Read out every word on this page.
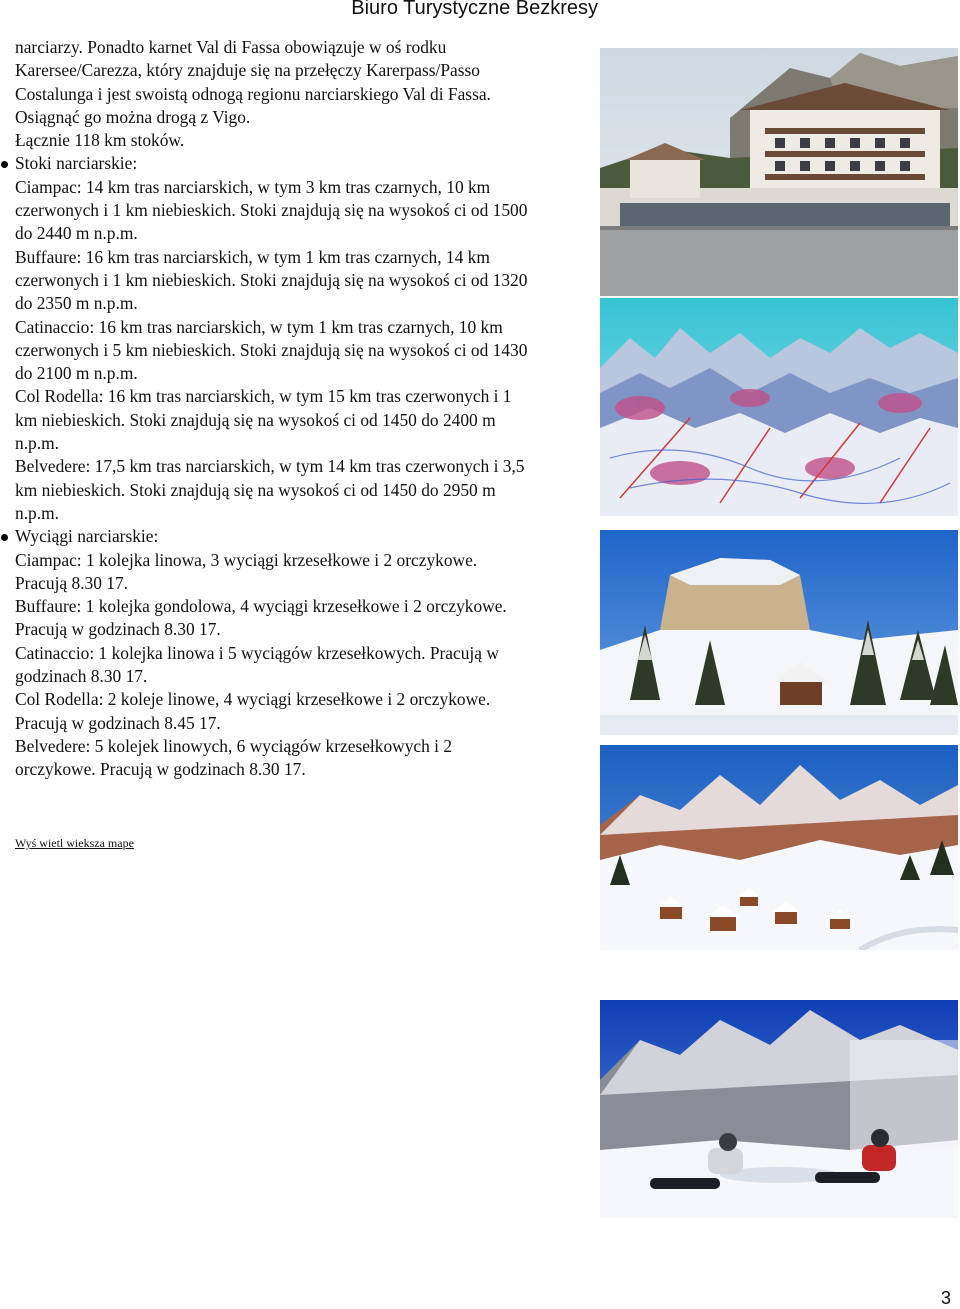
Biuro Turystyczne Bezkresy
narciarzy. Ponadto karnet Val di Fassa obowiązuje w oś rodku
Karersee/Carezza, który znajduje się na przełęczy Karerpass/Passo
Costalunga i jest swoistą odnogą regionu narciarskiego Val di Fassa.
Osiągnąć go można drogą z Vigo.
Łącznie 118 km stoków.
Stoki narciarskie:
Ciampac: 14 km tras narciarskich, w tym 3 km tras czarnych, 10 km
czerwonych i 1 km niebieskich. Stoki znajdują się na wysokoś ci od 1500
do 2440 m n.p.m.
Buffaure: 16 km tras narciarskich, w tym 1 km tras czarnych, 14 km
czerwonych i 1 km niebieskich. Stoki znajdują się na wysokoś ci od 1320
do 2350 m n.p.m.
Catinaccio: 16 km tras narciarskich, w tym 1 km tras czarnych, 10 km
czerwonych i 5 km niebieskich. Stoki znajdują się na wysokoś ci od 1430
do 2100 m n.p.m.
Col Rodella: 16 km tras narciarskich, w tym 15 km tras czerwonych i 1
km niebieskich. Stoki znajdują się na wysokoś ci od 1450 do 2400 m
n.p.m.
Belvedere: 17,5 km tras narciarskich, w tym 14 km tras czerwonych i 3,5
km niebieskich. Stoki znajdują się na wysokoś ci od 1450 do 2950 m
n.p.m.
Wyciągi narciarskie:
Ciampac: 1 kolejka linowa, 3 wyciągi krzesełkowe i 2 orczykowe.
Pracują 8.30 17.
Buffaure: 1 kolejka gondolowa, 4 wyciągi krzesełkowe i 2 orczykowe.
Pracują w godzinach 8.30 17.
Catinaccio: 1 kolejka linowa i 5 wyciągów krzesełkowych. Pracują w
godzinach 8.30 17.
Col Rodella: 2 koleje linowe, 4 wyciągi krzesełkowe i 2 orczykowe.
Pracują w godzinach 8.45 17.
Belvedere: 5 kolejek linowych, 6 wyciągów krzesełkowych i 2
orczykowe. Pracują w godzinach 8.30 17.
Wyś wietl wieksza mape
3
